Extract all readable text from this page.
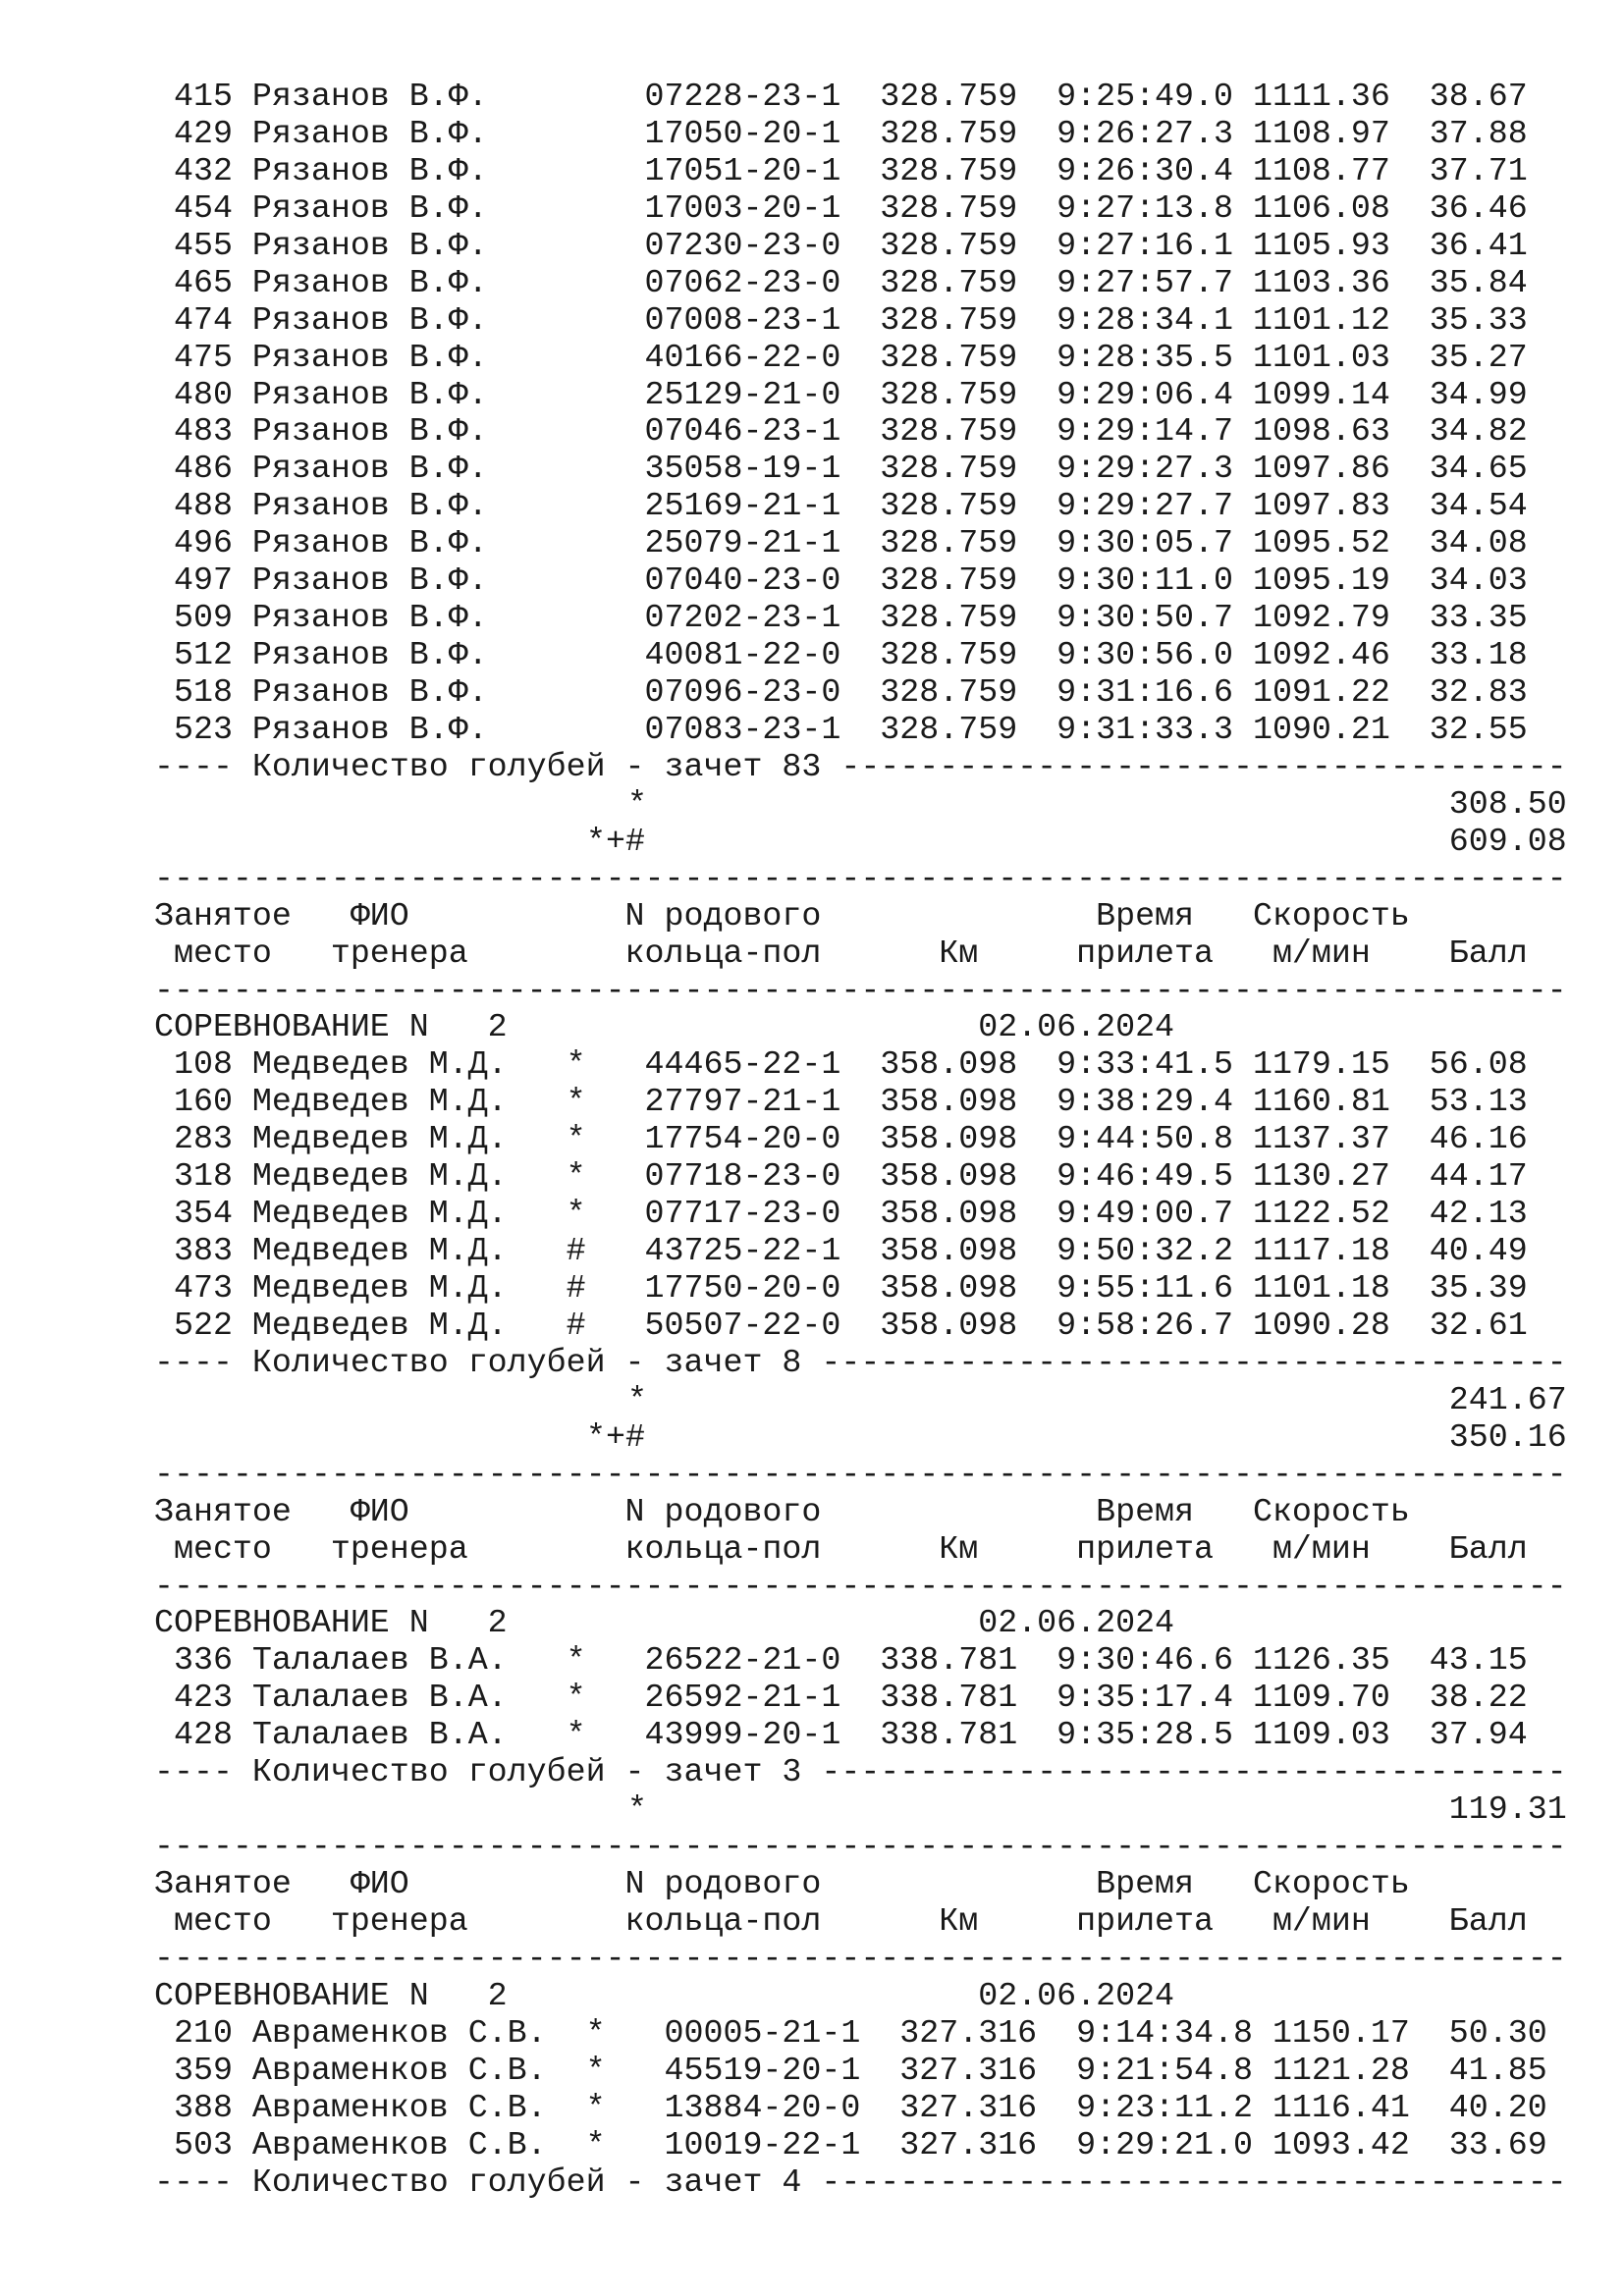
415 Рязанов В.Ф.        07228-23-1  328.759  9:25:49.0 1111.36  38.67
429 Рязанов В.Ф.        17050-20-1  328.759  9:26:27.3 1108.97  37.88
432 Рязанов В.Ф.        17051-20-1  328.759  9:26:30.4 1108.77  37.71
454 Рязанов В.Ф.        17003-20-1  328.759  9:27:13.8 1106.08  36.46
455 Рязанов В.Ф.        07230-23-0  328.759  9:27:16.1 1105.93  36.41
465 Рязанов В.Ф.        07062-23-0  328.759  9:27:57.7 1103.36  35.84
474 Рязанов В.Ф.        07008-23-1  328.759  9:28:34.1 1101.12  35.33
475 Рязанов В.Ф.        40166-22-0  328.759  9:28:35.5 1101.03  35.27
480 Рязанов В.Ф.        25129-21-0  328.759  9:29:06.4 1099.14  34.99
483 Рязанов В.Ф.        07046-23-1  328.759  9:29:14.7 1098.63  34.82
486 Рязанов В.Ф.        35058-19-1  328.759  9:29:27.3 1097.86  34.65
488 Рязанов В.Ф.        25169-21-1  328.759  9:29:27.7 1097.83  34.54
496 Рязанов В.Ф.        25079-21-1  328.759  9:30:05.7 1095.52  34.08
497 Рязанов В.Ф.        07040-23-0  328.759  9:30:11.0 1095.19  34.03
509 Рязанов В.Ф.        07202-23-1  328.759  9:30:50.7 1092.79  33.35
512 Рязанов В.Ф.        40081-22-0  328.759  9:30:56.0 1092.46  33.18
518 Рязанов В.Ф.        07096-23-0  328.759  9:31:16.6 1091.22  32.83
523 Рязанов В.Ф.        07083-23-1  328.759  9:31:33.3 1090.21  32.55
---- Количество голубей - зачет 83 -------------------------------------
*	308.50
*+#	609.08
------------------------------------------------------------------------
Занятое   ФИО           N родового              Время   Скорость
место   тренера        кольца-пол      Км     прилета   м/мин    Балл
------------------------------------------------------------------------
СОРЕВНОВАНИЕ N   2                        02.06.2024
108 Медведев М.Д.   *   44465-22-1  358.098  9:33:41.5 1179.15  56.08
160 Медведев М.Д.   *   27797-21-1  358.098  9:38:29.4 1160.81  53.13
283 Медведев М.Д.   *   17754-20-0  358.098  9:44:50.8 1137.37  46.16
318 Медведев М.Д.   *   07718-23-0  358.098  9:46:49.5 1130.27  44.17
354 Медведев М.Д.   *   07717-23-0  358.098  9:49:00.7 1122.52  42.13
383 Медведев М.Д.   #   43725-22-1  358.098  9:50:32.2 1117.18  40.49
473 Медведев М.Д.   #   17750-20-0  358.098  9:55:11.6 1101.18  35.39
522 Медведев М.Д.   #   50507-22-0  358.098  9:58:26.7 1090.28  32.61
---- Количество голубей - зачет 8 --------------------------------------
*	241.67
*+#	350.16
------------------------------------------------------------------------
Занятое   ФИО           N родового              Время   Скорость
место   тренера        кольца-пол      Км     прилета   м/мин    Балл
------------------------------------------------------------------------
СОРЕВНОВАНИЕ N   2                        02.06.2024
336 Талалаев В.А.   *   26522-21-0  338.781  9:30:46.6 1126.35  43.15
423 Талалаев В.А.   *   26592-21-1  338.781  9:35:17.4 1109.70  38.22
428 Талалаев В.А.   *   43999-20-1  338.781  9:35:28.5 1109.03  37.94
---- Количество голубей - зачет 3 --------------------------------------
*	119.31
------------------------------------------------------------------------
Занятое   ФИО           N родового              Время   Скорость
место   тренера        кольца-пол      Км     прилета   м/мин    Балл
------------------------------------------------------------------------
СОРЕВНОВАНИЕ N   2                        02.06.2024
210 Авраменков С.В.  *   00005-21-1  327.316  9:14:34.8 1150.17  50.30
359 Авраменков С.В.  *   45519-20-1  327.316  9:21:54.8 1121.28  41.85
388 Авраменков С.В.  *   13884-20-0  327.316  9:23:11.2 1116.41  40.20
503 Авраменков С.В.  *   10019-22-1  327.316  9:29:21.0 1093.42  33.69
---- Количество голубей - зачет 4 --------------------------------------
